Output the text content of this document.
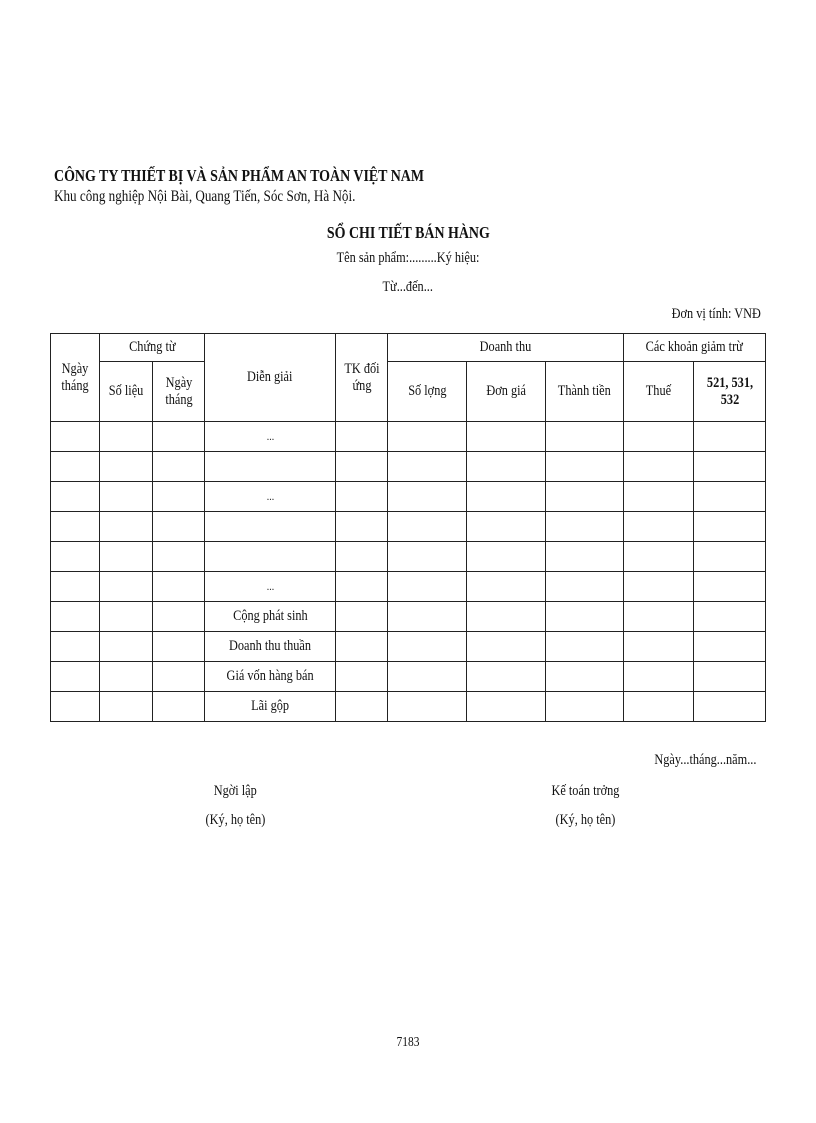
CÔNG TY THIẾT BỊ VÀ SẢN PHẨM AN TOÀN VIỆT NAM
Khu công nghiệp Nội Bài, Quang Tiến, Sóc Sơn, Hà Nội.
SỔ CHI TIẾT BÁN HÀNG
Tên sản phẩm:.........Ký hiệu:
Từ...đến...
Đơn vị tính: VNĐ
Ngày tháng	Chứng từ		Diễn giải	TK đối ứng	Doanh thu			Các khoản giảm trừ	
	Số liệu	Ngày tháng			Số lợng	Đơn giá	Thành tiền	Thuế	521, 531, 532
			...						

			...						

			...						
			Cộng phát sinh						
			Doanh thu thuần						
			Giá vốn hàng bán						
			Lãi gộp						
Ngày...tháng...năm...
Ngời lập
(Ký, họ tên)
Kế toán trởng
(Ký, họ tên)
7183
